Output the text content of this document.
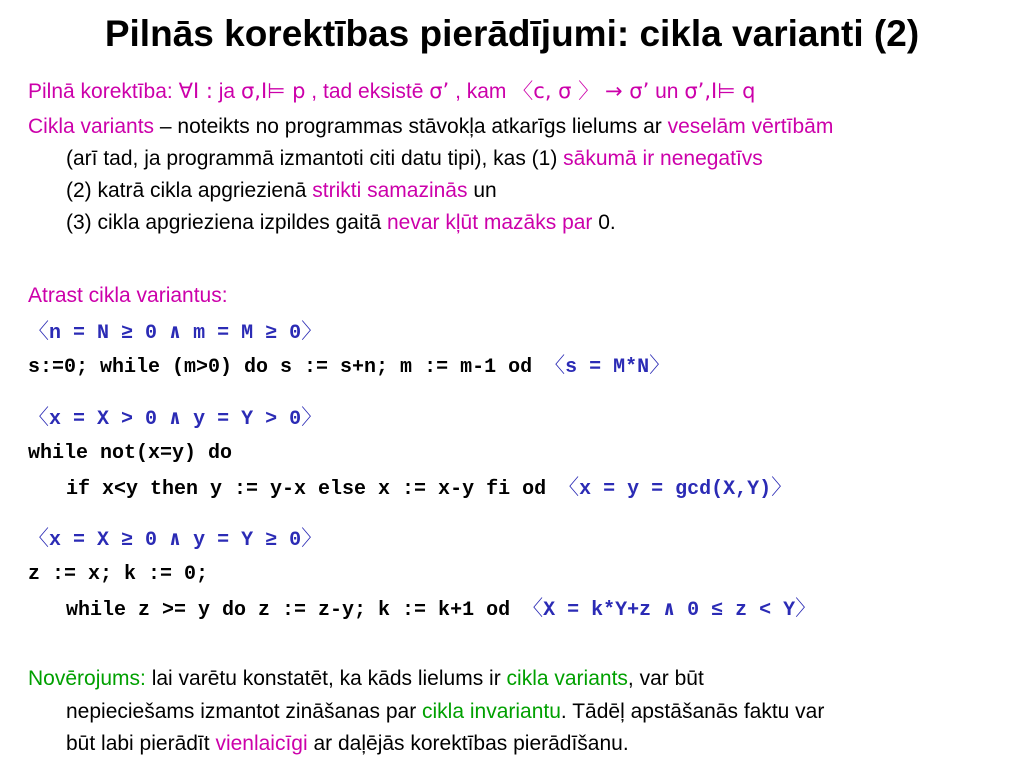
Pilnās korektības pierādījumi: cikla varianti (2)
Pilnā korektība: ∀I : ja σ,I⊨ p , tad eksistē σ’ , kam 〈c, σ 〉 → σ’ un σ’,I⊨ q
Cikla variants – noteikts no programmas stāvokļa atkarīgs lielums ar veselām vērtībām
(arī tad, ja programmā izmantoti citi datu tipi), kas (1) sākumā ir nenegatīvs
(2) katrā cikla apgriezienā strikti samazinās un
(3) cikla apgrieziena izpildes gaitā nevar kļūt mazāks par 0.
Atrast cikla variantus:
〈n = N ≥ 0 ∧ m = M ≥ 0〉
s:=0; while (m>0) do s := s+n; m := m-1 od 〈s = M*N〉
〈x = X > 0 ∧ y = Y > 0〉
while not(x=y) do
if x<y then y := y-x else x := x-y fi od 〈x = y = gcd(X,Y)〉
〈x = X ≥ 0 ∧ y = Y ≥ 0〉
z := x; k := 0;
while z >= y do z := z-y; k := k+1 od 〈X = k*Y+z ∧ 0 ≤ z < Y〉
Novērojums: lai varētu konstatēt, ka kāds lielums ir cikla variants, var būt
nepieciešams izmantot zināšanas par cikla invariantu. Tādēļ apstāšanās faktu var
būt labi pierādīt vienlaicīgi ar daļējās korektības pierādīšanu.
